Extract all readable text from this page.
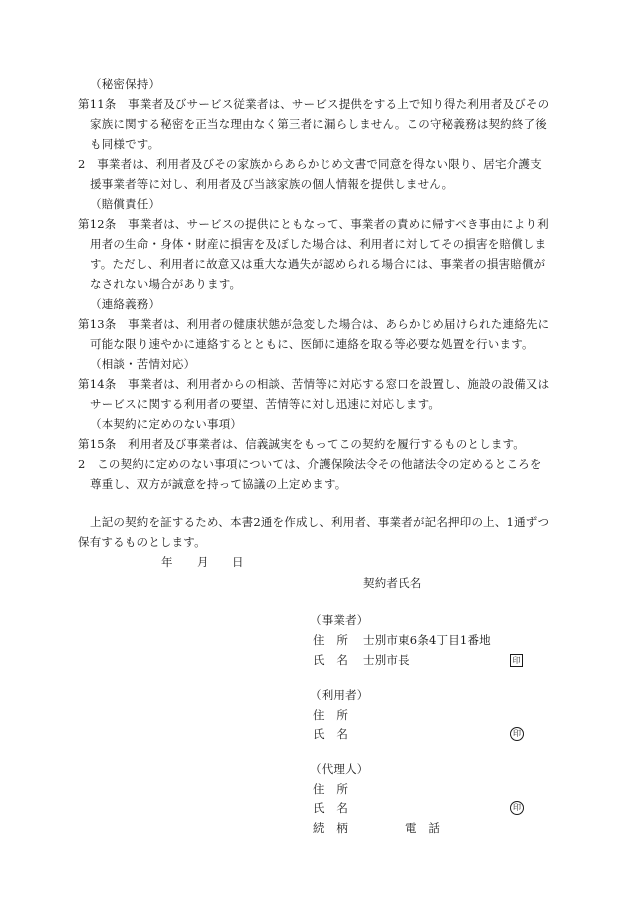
（秘密保持）
第11条　事業者及びサービス従業者は、サービス提供をする上で知り得た利用者及びその
家族に関する秘密を正当な理由なく第三者に漏らしません。この守秘義務は契約終了後
も同様です。
2　事業者は、利用者及びその家族からあらかじめ文書で同意を得ない限り、居宅介護支
援事業者等に対し、利用者及び当該家族の個人情報を提供しません。
（賠償責任）
第12条　事業者は、サービスの提供にともなって、事業者の責めに帰すべき事由により利
用者の生命・身体・財産に損害を及ぼした場合は、利用者に対してその損害を賠償しま
す。ただし、利用者に故意又は重大な過失が認められる場合には、事業者の損害賠償が
なされない場合があります。
（連絡義務）
第13条　事業者は、利用者の健康状態が急変した場合は、あらかじめ届けられた連絡先に
可能な限り速やかに連絡するとともに、医師に連絡を取る等必要な処置を行います。
（相談・苦情対応）
第14条　事業者は、利用者からの相談、苦情等に対応する窓口を設置し、施設の設備又は
サービスに関する利用者の要望、苦情等に対し迅速に対応します。
（本契約に定めのない事項）
第15条　利用者及び事業者は、信義誠実をもってこの契約を履行するものとします。
2　この契約に定めのない事項については、介護保険法令その他諸法令の定めるところを
尊重し、双方が誠意を持って協議の上定めます。
上記の契約を証するため、本書2通を作成し、利用者、事業者が記名押印の上、1通ずつ
保有するものとします。
年 月 日
契約者氏名
（事業者）
住　所 士別市東6条4丁目1番地
氏　名 士別市長	印
（利用者）
住　所
氏　名	印
（代理人）
住　所
氏　名	印
続　柄	電　話
